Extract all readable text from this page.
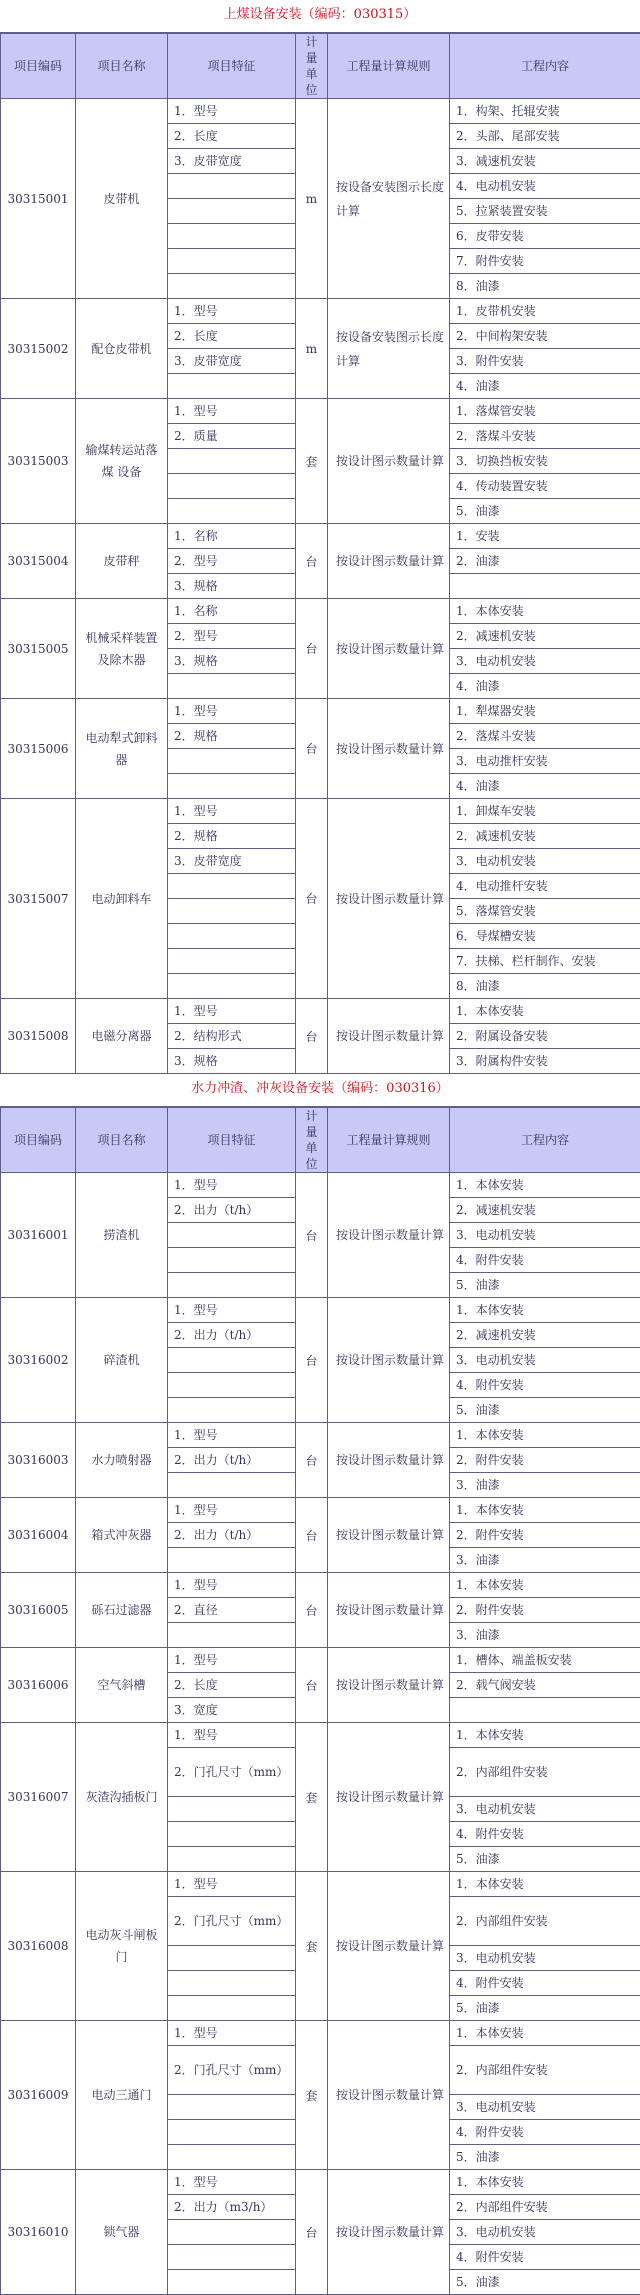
上煤设备安装（编码：030315）
项目编码	项目名称	项目特征	计量单位	工程量计算规则	工程内容
30315001	皮带机	1．型号	m	按设备安装图示长度计算	1．构架、托辊安装
		2．长度			2．头部、尾部安装
		3．皮带宽度			3．减速机安装
					4．电动机安装
					5．拉紧装置安装
					6．皮带安装
					7．附件安装
					8．油漆
30315002	配仓皮带机	1．型号	m	按设备安装图示长度计算	1．皮带机安装
		2．长度			2．中间构架安装
		3．皮带宽度			3．附件安装
					4．油漆
30315003	输煤转运站落煤 设备	1．型号	套	按设计图示数量计算	1．落煤管安装
		2．质量			2．落煤斗安装
					3．切换挡板安装
					4．传动装置安装
					5．油漆
30315004	皮带秤	1．名称	台	按设计图示数量计算	1．安装
		2．型号			2．油漆
		3．规格			
30315005	机械采样装置及除木器	1．名称	台	按设计图示数量计算	1．本体安装
		2．型号			2．减速机安装
		3．规格			3．电动机安装
					4．油漆
30315006	电动犁式卸料器	1．型号	台	按设计图示数量计算	1．犁煤器安装
		2．规格			2．落煤斗安装
					3．电动推杆安装
					4．油漆
30315007	电动卸料车	1．型号	台	按设计图示数量计算	1．卸煤车安装
		2．规格			2．减速机安装
		3．皮带宽度			3．电动机安装
					4．电动推杆安装
					5．落煤管安装
					6．导煤槽安装
					7．扶梯、栏杆制作、安装
					8．油漆
30315008	电磁分离器	1．型号	台	按设计图示数量计算	1．本体安装
		2．结构形式			2．附属设备安装
		3．规格			3．附属构件安装
水力冲渣、冲灰设备安装（编码：030316）
项目编码	项目名称	项目特征	计量单位	工程量计算规则	工程内容
30316001	捞渣机	1．型号	台	按设计图示数量计算	1．本体安装
		2．出力（t/h）			2．减速机安装
					3．电动机安装
					4．附件安装
					5．油漆
30316002	碎渣机	1．型号	台	按设计图示数量计算	1．本体安装
		2．出力（t/h）			2．减速机安装
					3．电动机安装
					4．附件安装
					5．油漆
30316003	水力喷射器	1．型号	台	按设计图示数量计算	1．本体安装
		2．出力（t/h）			2．附件安装
					3．油漆
30316004	箱式冲灰器	1．型号	台	按设计图示数量计算	1．本体安装
		2．出力（t/h）			2．附件安装
					3．油漆
30316005	砾石过滤器	1．型号	台	按设计图示数量计算	1．本体安装
		2．直径			2．附件安装
					3．油漆
30316006	空气斜槽	1．型号	台	按设计图示数量计算	1．槽体、端盖板安装
		2．长度			2．载气阀安装
		3．宽度			
30316007	灰渣沟插板门	1．型号	套	按设计图示数量计算	1．本体安装
		2．门孔尺寸（mm）			2．内部组件安装
					3．电动机安装
					4．附件安装
					5．油漆
30316008	电动灰斗闸板门	1．型号	套	按设计图示数量计算	1．本体安装
		2．门孔尺寸（mm）			2．内部组件安装
					3．电动机安装
					4．附件安装
					5．油漆
30316009	电动三通门	1．型号	套	按设计图示数量计算	1．本体安装
		2．门孔尺寸（mm）			2．内部组件安装
					3．电动机安装
					4．附件安装
					5．油漆
30316010	锁气器	1．型号	台	按设计图示数量计算	1．本体安装
		2．出力（m3/h）			2．内部组件安装
					3．电动机安装
					4．附件安装
					5．油漆
